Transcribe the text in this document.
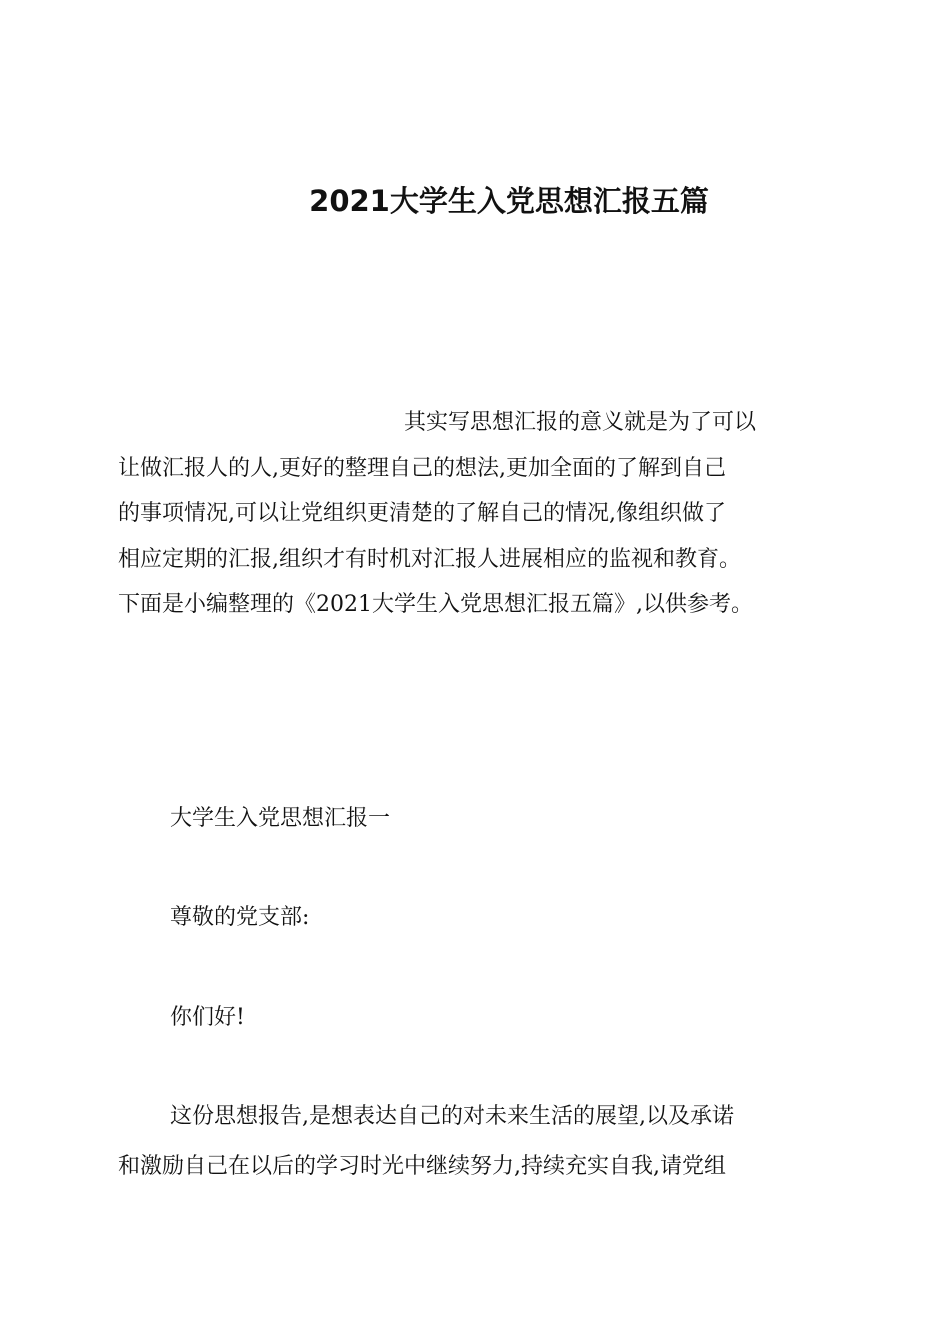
2021大学生入党思想汇报五篇
其实写思想汇报的意义就是为了可以
让做汇报人的人,更好的整理自己的想法,更加全面的了解到自己
的事项情况,可以让党组织更清楚的了解自己的情况,像组织做了
相应定期的汇报,组织才有时机对汇报人进展相应的监视和教育。
下面是小编整理的《2021大学生入党思想汇报五篇》,以供参考。
大学生入党思想汇报一
尊敬的党支部:
你们好!
这份思想报告,是想表达自己的对未来生活的展望,以及承诺
和激励自己在以后的学习时光中继续努力,持续充实自我,请党组
